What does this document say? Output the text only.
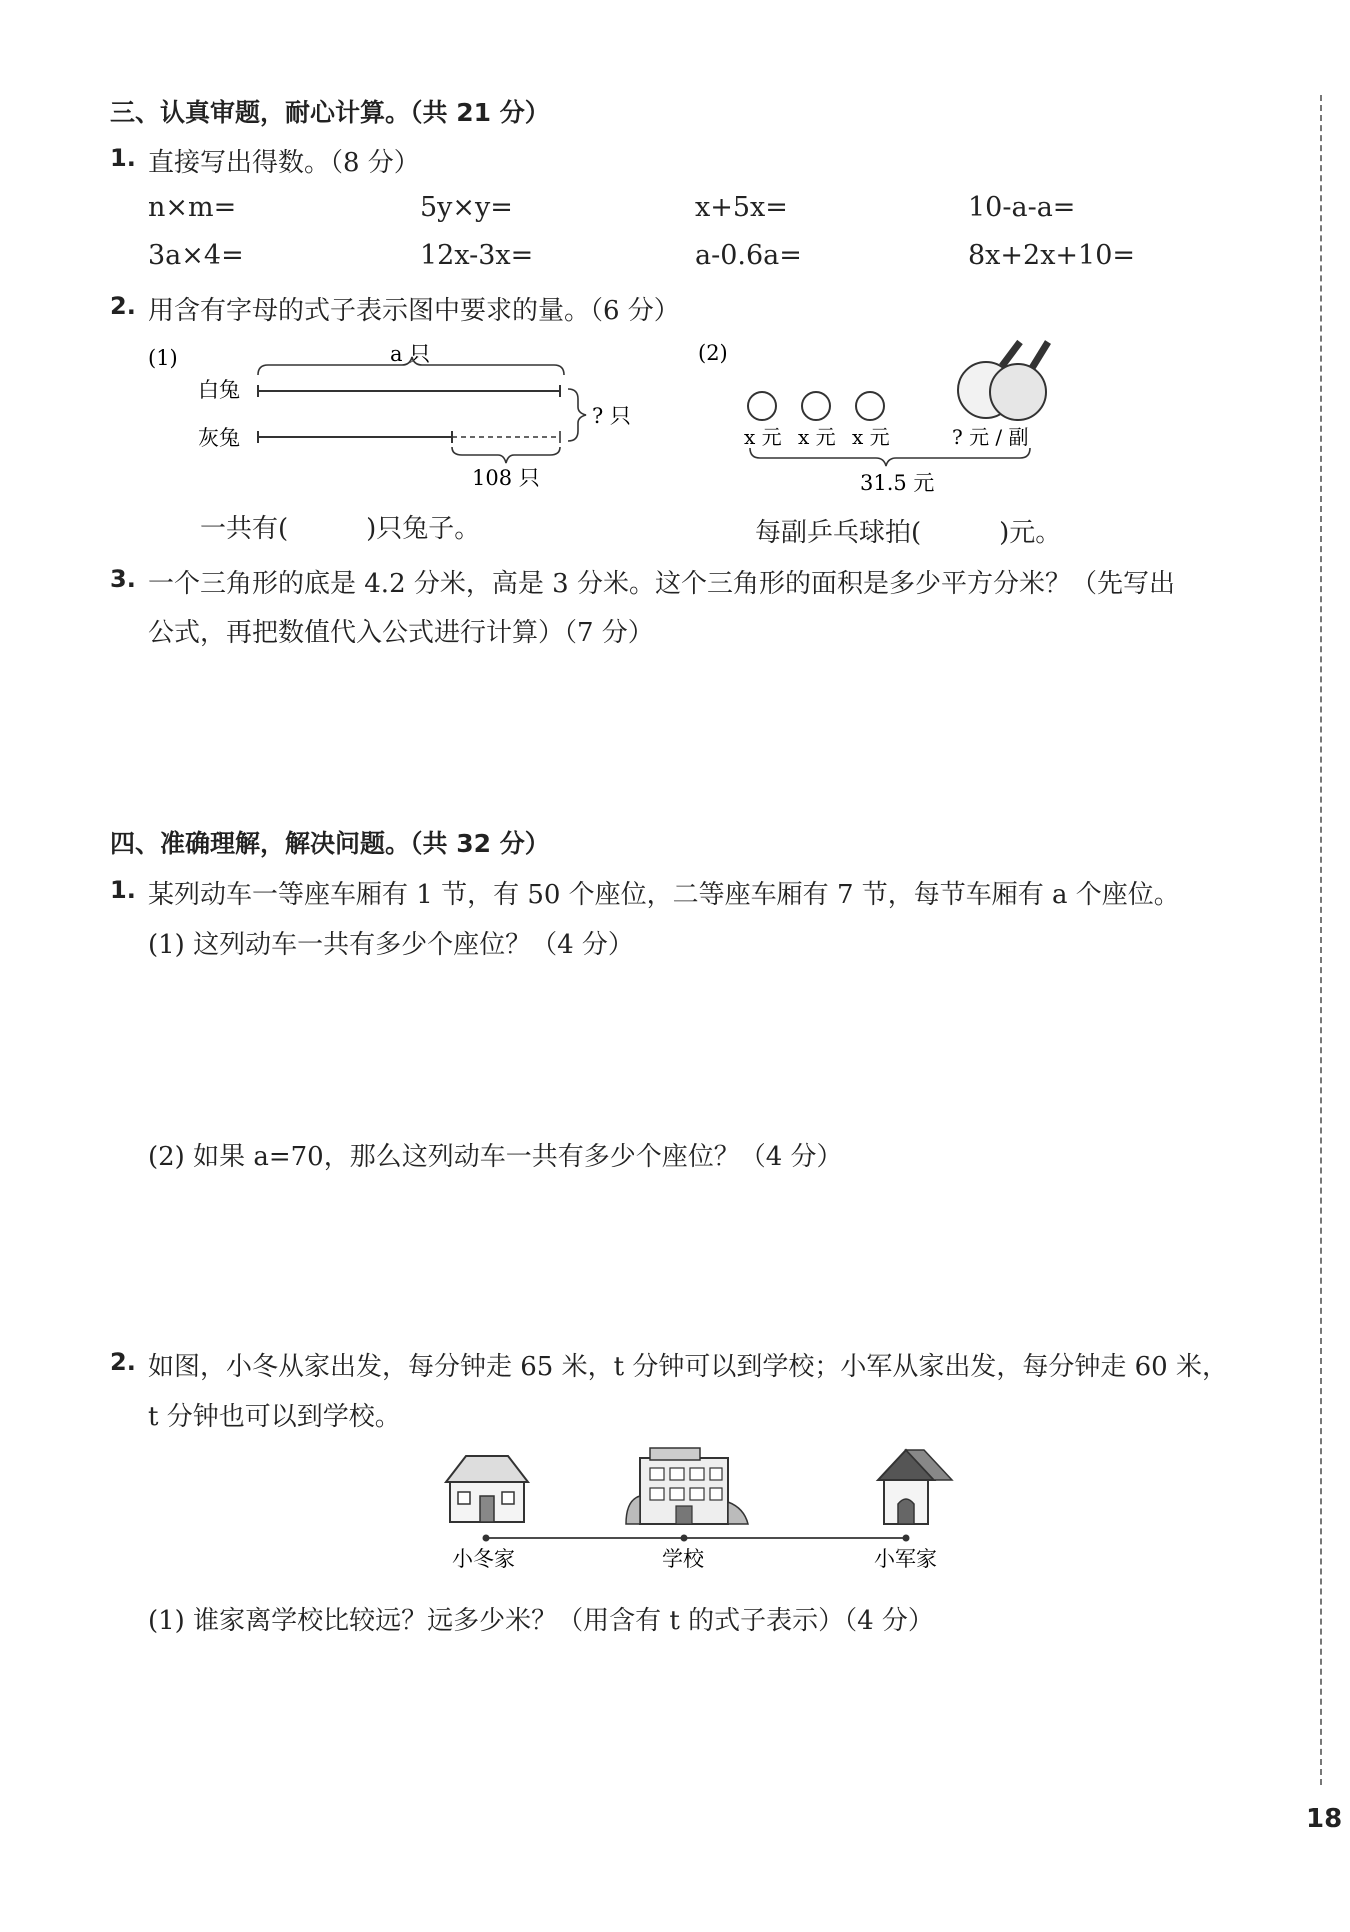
18
三、认真审题，耐心计算。（共 21 分）
1. 直接写出得数。（8 分）
n×m=	5y×y=	x+5x=	10-a-a=
3a×4=	12x-3x=	a-0.6a=	8x+2x+10=
2. 用含有字母的式子表示图中要求的量。（6 分）
(1)	a 只
白兔
灰兔
? 只
108 只
一共有(　　　)只兔子。
(2)
x 元 x 元 x 元	? 元 / 副
31.5 元
每副乒乓球拍(　　　)元。
3. 一个三角形的底是 4.2 分米，高是 3 分米。这个三角形的面积是多少平方分米？（先写出
公式，再把数值代入公式进行计算）（7 分）
四、准确理解，解决问题。（共 32 分）
1. 某列动车一等座车厢有 1 节，有 50 个座位，二等座车厢有 7 节，每节车厢有 a 个座位。
(1) 这列动车一共有多少个座位？（4 分）
(2) 如果 a=70，那么这列动车一共有多少个座位？（4 分）
2. 如图，小冬从家出发，每分钟走 65 米，t 分钟可以到学校；小军从家出发，每分钟走 60 米，
t 分钟也可以到学校。
小冬家	学校	小军家
(1) 谁家离学校比较远？远多少米？（用含有 t 的式子表示）（4 分）
